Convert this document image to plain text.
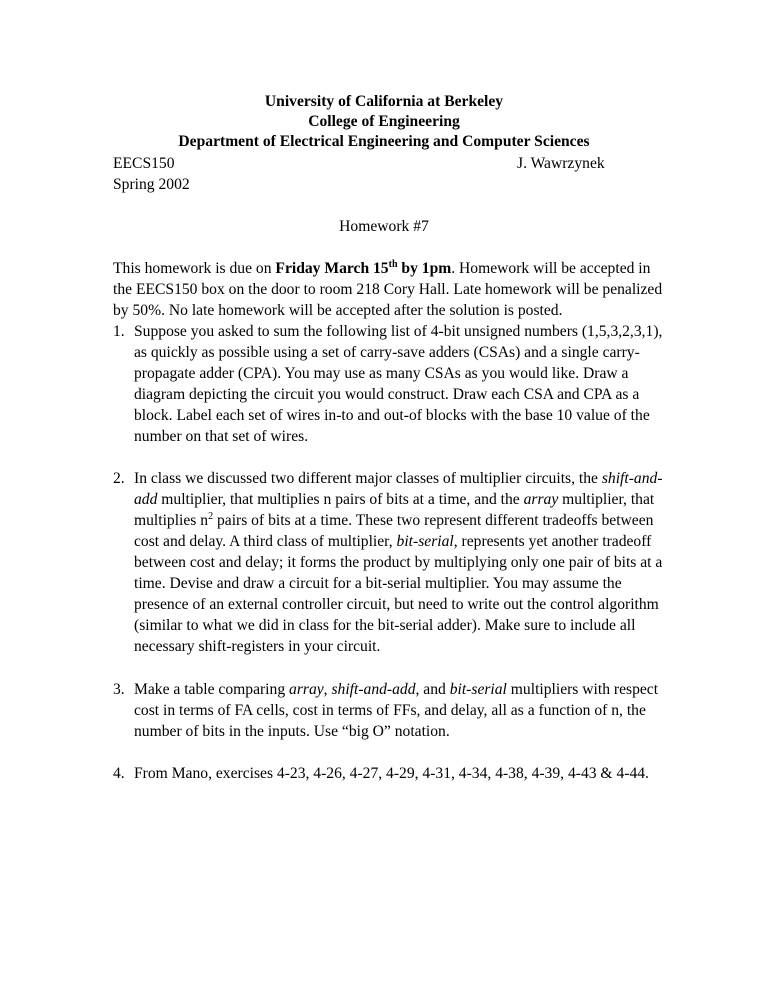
University of California at Berkeley
College of Engineering
Department of Electrical Engineering and Computer Sciences
EECS150
Spring 2002
J. Wawrzynek
Homework #7
This homework is due on Friday March 15th by 1pm. Homework will be accepted in
the EECS150 box on the door to room 218 Cory Hall. Late homework will be penalized
by 50%. No late homework will be accepted after the solution is posted.
1. Suppose you asked to sum the following list of 4-bit unsigned numbers (1,5,3,2,3,1),
as quickly as possible using a set of carry-save adders (CSAs) and a single carry-
propagate adder (CPA). You may use as many CSAs as you would like. Draw a
diagram depicting the circuit you would construct. Draw each CSA and CPA as a
block. Label each set of wires in-to and out-of blocks with the base 10 value of the
number on that set of wires.
2. In class we discussed two different major classes of multiplier circuits, the shift-and-
add multiplier, that multiplies n pairs of bits at a time, and the array multiplier, that
multiplies $n^2$ pairs of bits at a time. These two represent different tradeoffs between
cost and delay. A third class of multiplier, bit-serial, represents yet another tradeoff
between cost and delay; it forms the product by multiplying only one pair of bits at a
time. Devise and draw a circuit for a bit-serial multiplier. You may assume the
presence of an external controller circuit, but need to write out the control algorithm
(similar to what we did in class for the bit-serial adder). Make sure to include all
necessary shift-registers in your circuit.
3. Make a table comparing array, shift-and-add, and bit-serial multipliers with respect
cost in terms of FA cells, cost in terms of FFs, and delay, all as a function of n, the
number of bits in the inputs. Use “big O” notation.
4. From Mano, exercises 4-23, 4-26, 4-27, 4-29, 4-31, 4-34, 4-38, 4-39, 4-43 & 4-44.
